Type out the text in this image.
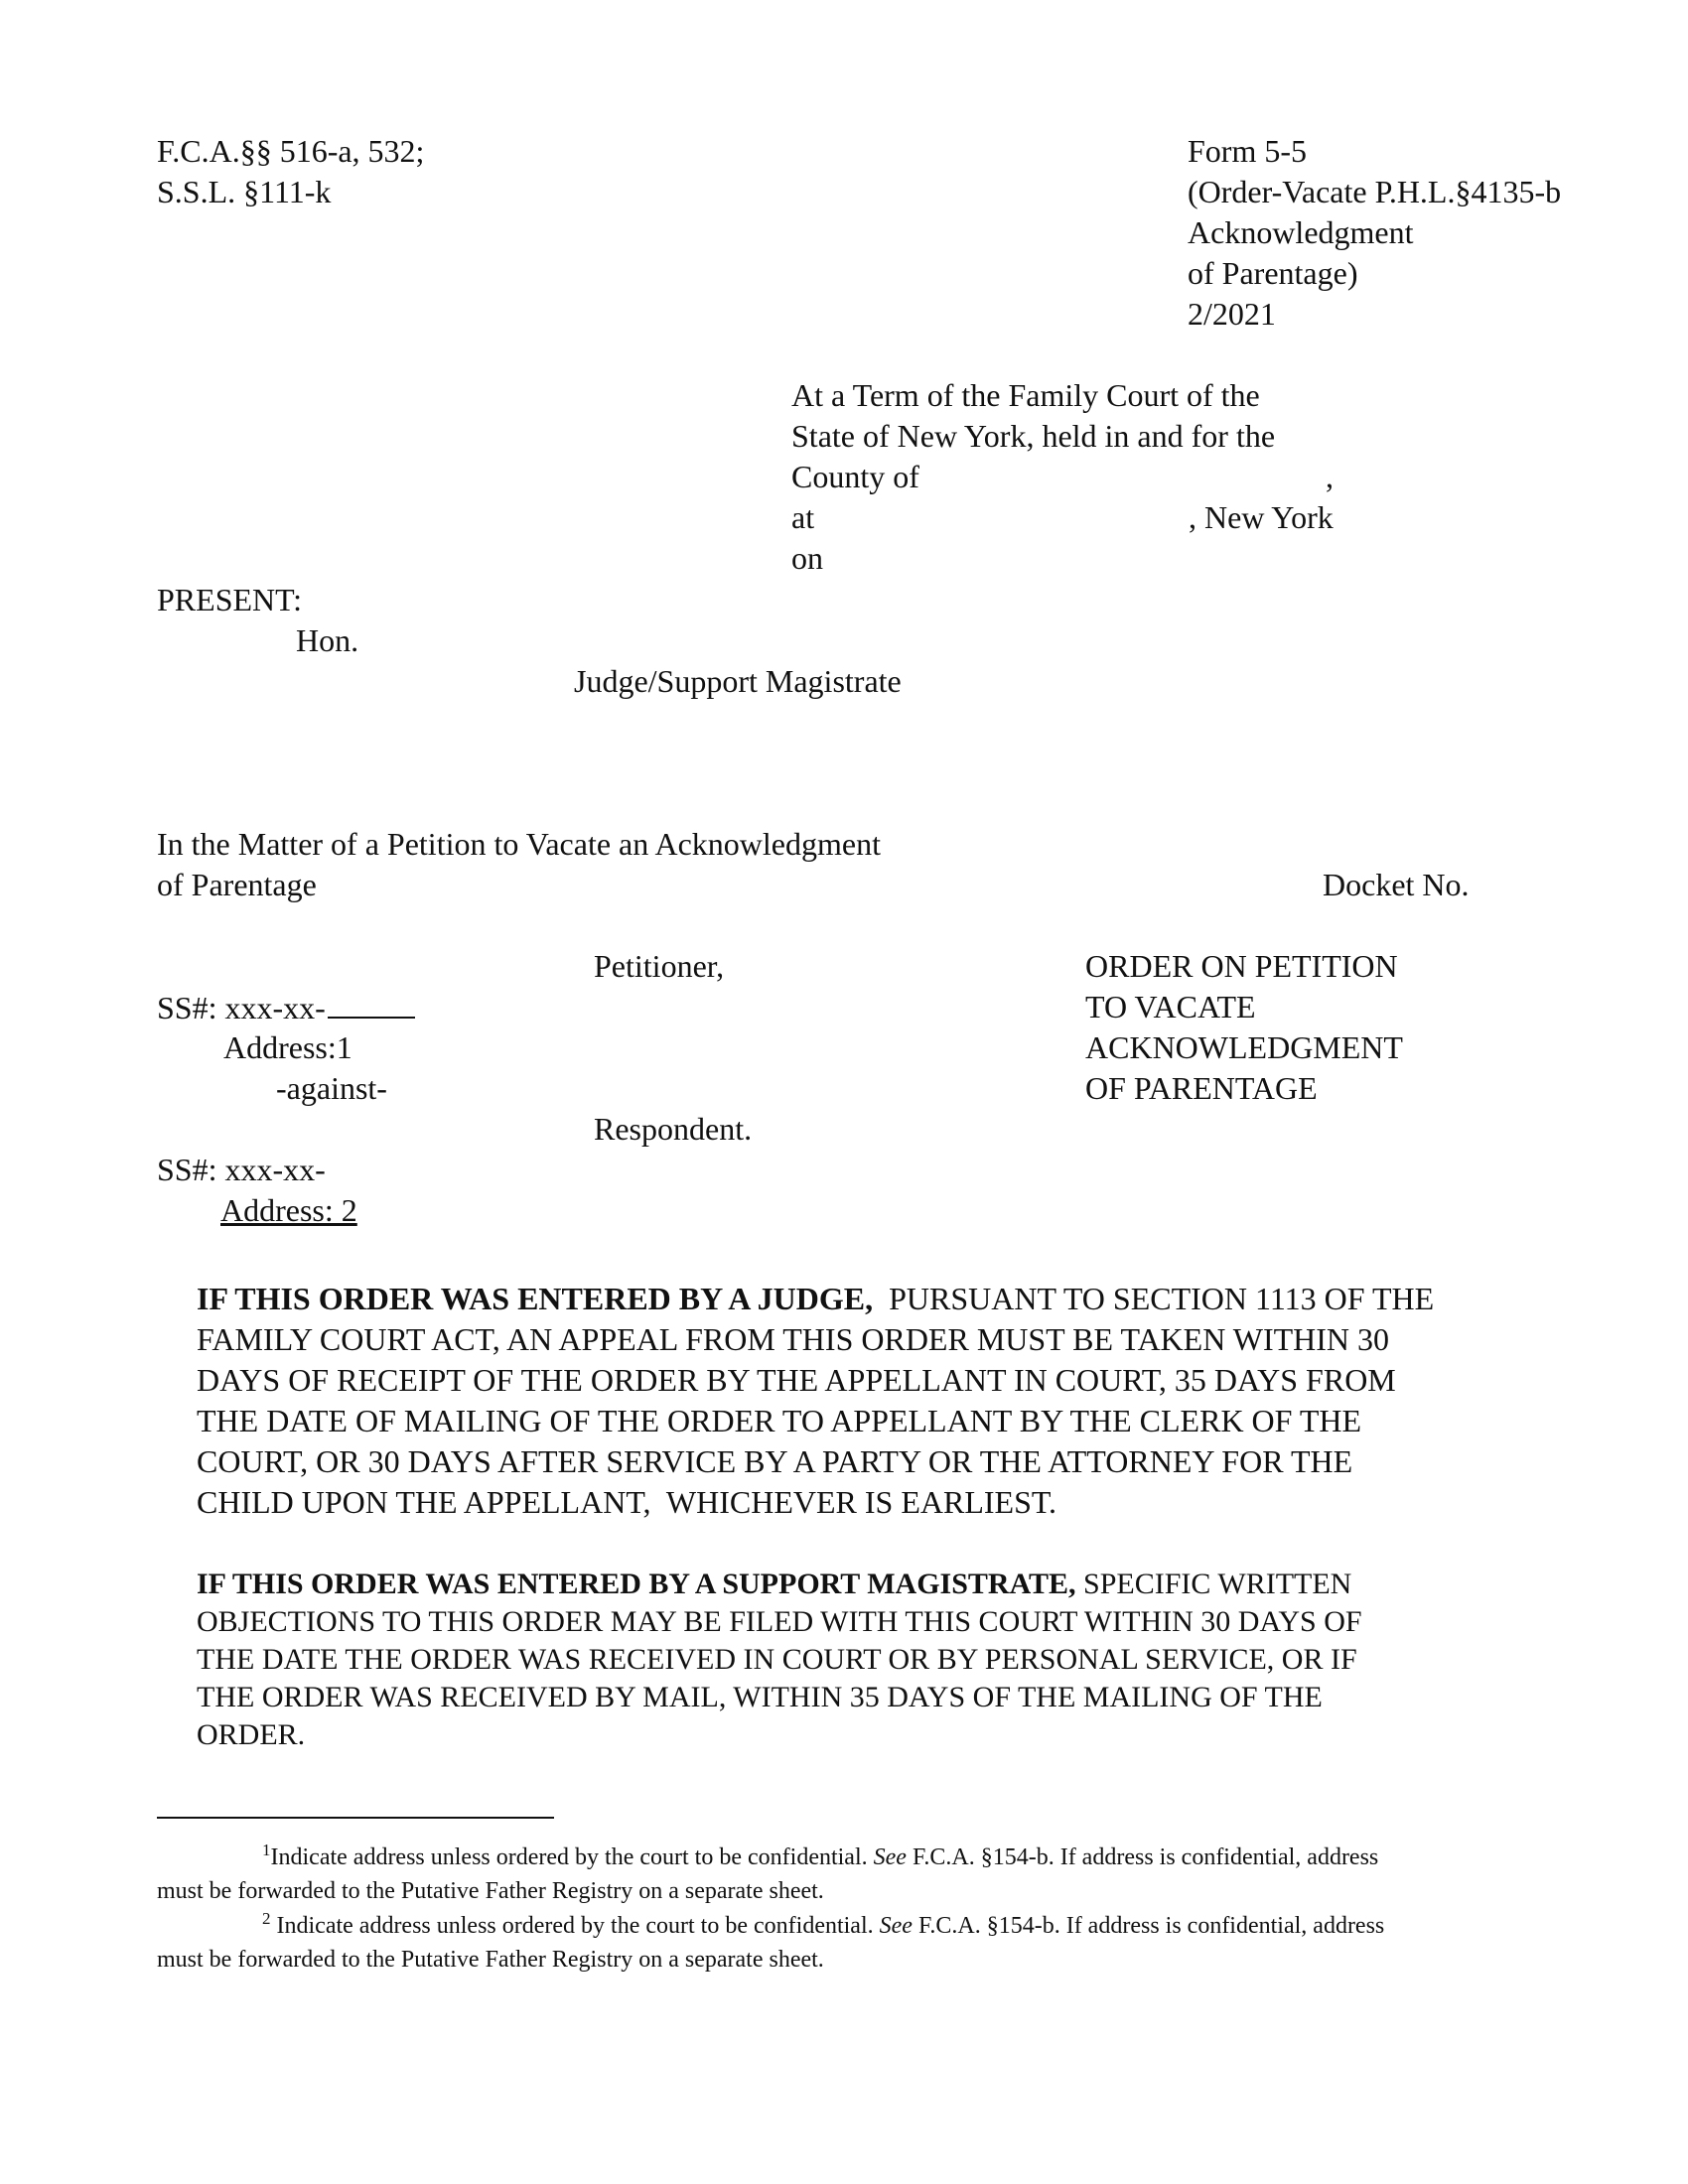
F.C.A.§§ 516-a, 532;
S.S.L. §111-k
Form 5-5
(Order-Vacate P.H.L.§4135-b
Acknowledgment
of Parentage)
2/2021
At a Term of the Family Court of the
State of New York, held in and for the
County of	,
at	, New York
on
PRESENT:
Hon.
Judge/Support Magistrate
In the Matter of a Petition to Vacate an Acknowledgment
of Parentage	Docket No.
Petitioner,
SS#: xxx-xx-
Address:1
-against-
Respondent.
SS#: xxx-xx-
Address: 2
ORDER ON PETITION
TO VACATE
ACKNOWLEDGMENT
OF PARENTAGE
IF THIS ORDER WAS ENTERED BY A JUDGE,  PURSUANT TO SECTION 1113 OF THE
FAMILY COURT ACT, AN APPEAL FROM THIS ORDER MUST BE TAKEN WITHIN 30
DAYS OF RECEIPT OF THE ORDER BY THE APPELLANT IN COURT, 35 DAYS FROM
THE DATE OF MAILING OF THE ORDER TO APPELLANT BY THE CLERK OF THE
COURT, OR 30 DAYS AFTER SERVICE BY A PARTY OR THE ATTORNEY FOR THE
CHILD UPON THE APPELLANT,  WHICHEVER IS EARLIEST.
IF THIS ORDER WAS ENTERED BY A SUPPORT MAGISTRATE, SPECIFIC WRITTEN
OBJECTIONS TO THIS ORDER MAY BE FILED WITH THIS COURT WITHIN 30 DAYS OF
THE DATE THE ORDER WAS RECEIVED IN COURT OR BY PERSONAL SERVICE, OR IF
THE ORDER WAS RECEIVED BY MAIL, WITHIN 35 DAYS OF THE MAILING OF THE
ORDER.
$^1$Indicate address unless ordered by the court to be confidential. See F.C.A. §154-b. If address is confidential, address
must be forwarded to the Putative Father Registry on a separate sheet.
$^2$ Indicate address unless ordered by the court to be confidential. See F.C.A. §154-b. If address is confidential, address
must be forwarded to the Putative Father Registry on a separate sheet.
